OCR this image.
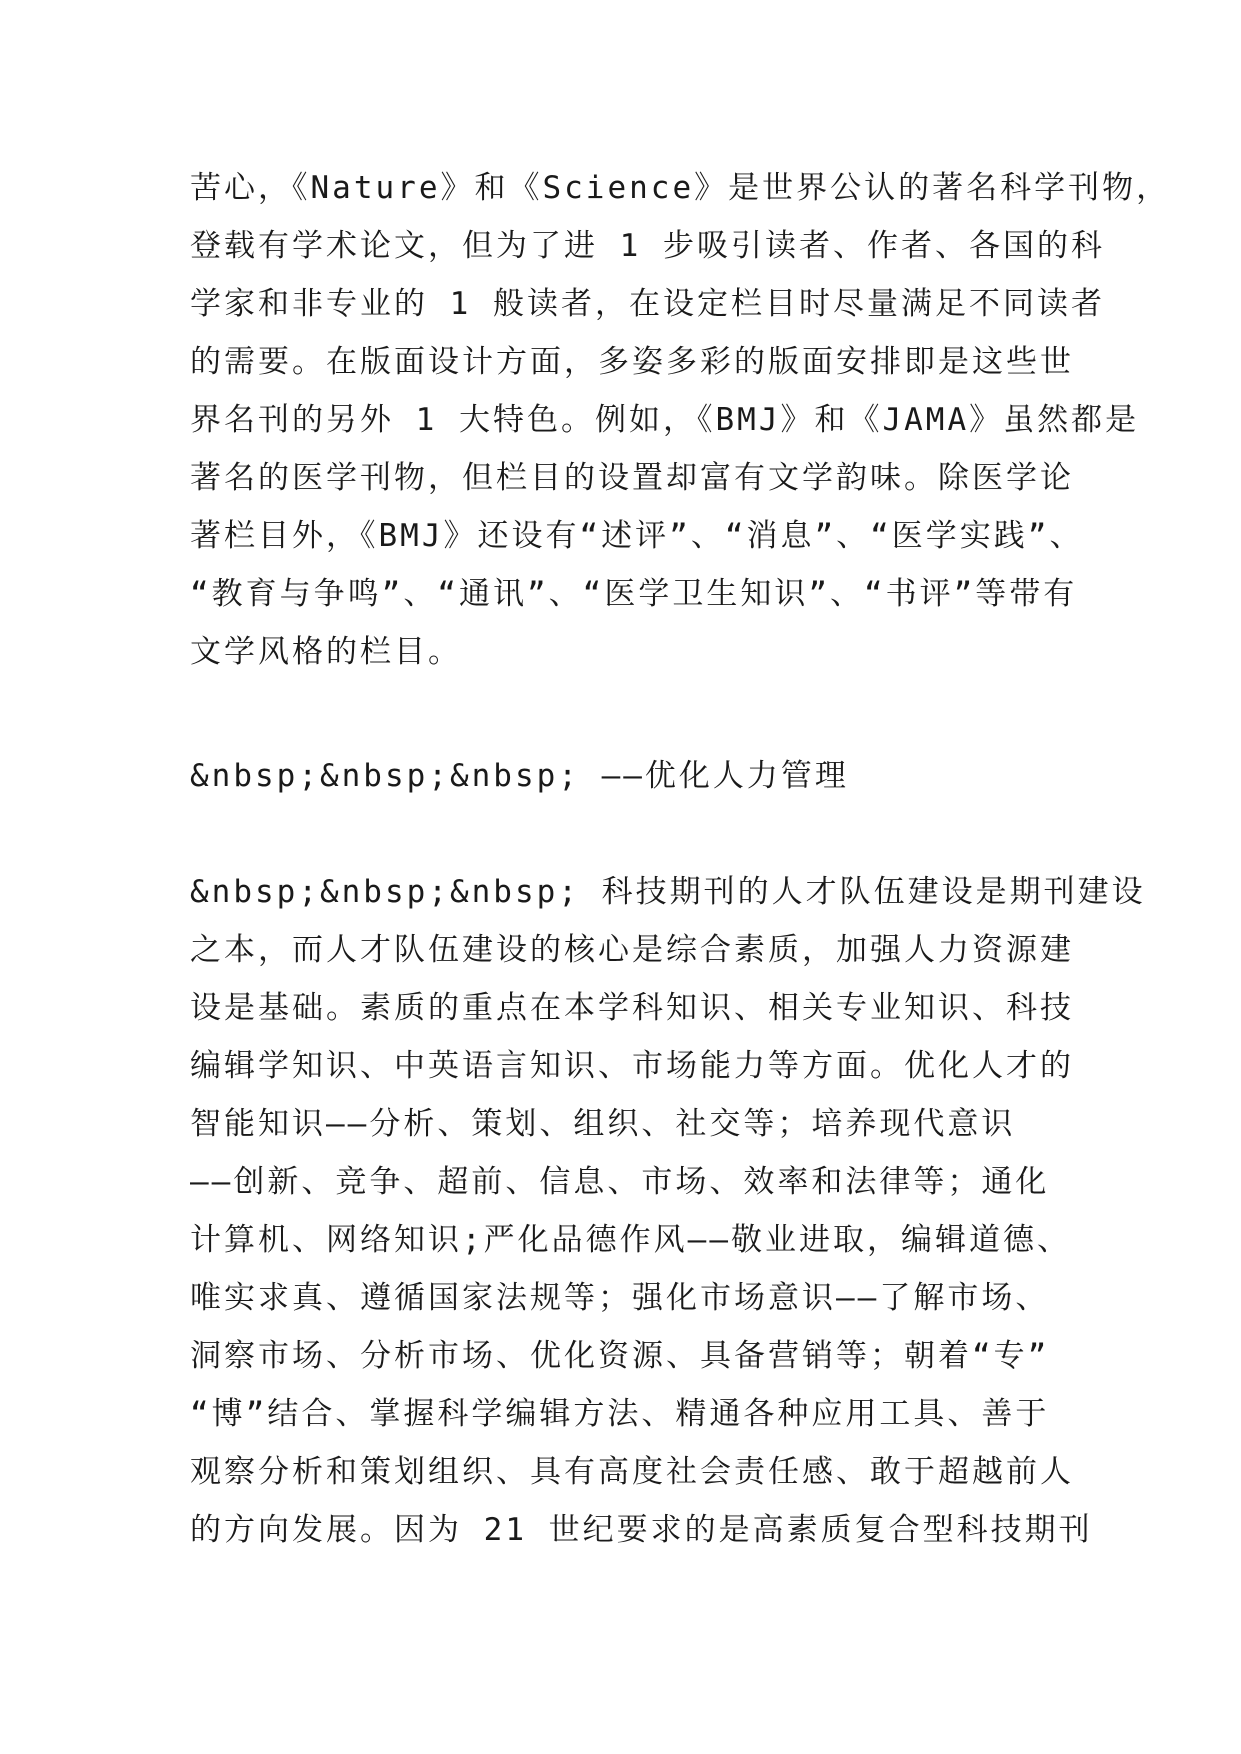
苦心，《Nature》和《Science》是世界公认的著名科学刊物，
登载有学术论文，但为了进 1 步吸引读者、作者、各国的科
学家和非专业的 1 般读者，在设定栏目时尽量满足不同读者
的需要。在版面设计方面，多姿多彩的版面安排即是这些世
界名刊的另外 1 大特色。例如，《BMJ》和《JAMA》虽然都是
著名的医学刊物，但栏目的设置却富有文学韵味。除医学论
著栏目外，《BMJ》还设有“述评”、“消息”、“医学实践”、
“教育与争鸣”、“通讯”、“医学卫生知识”、“书评”等带有
文学风格的栏目。
&nbsp;&nbsp;&nbsp; ——优化人力管理
&nbsp;&nbsp;&nbsp; 科技期刊的人才队伍建设是期刊建设
之本，而人才队伍建设的核心是综合素质，加强人力资源建
设是基础。素质的重点在本学科知识、相关专业知识、科技
编辑学知识、中英语言知识、市场能力等方面。优化人才的
智能知识——分析、策划、组织、社交等；培养现代意识
——创新、竞争、超前、信息、市场、效率和法律等；通化
计算机、网络知识;严化品德作风——敬业进取，编辑道德、
唯实求真、遵循国家法规等；强化市场意识——了解市场、
洞察市场、分析市场、优化资源、具备营销等；朝着“专”
“博”结合、掌握科学编辑方法、精通各种应用工具、善于
观察分析和策划组织、具有高度社会责任感、敢于超越前人
的方向发展。因为 21 世纪要求的是高素质复合型科技期刊
